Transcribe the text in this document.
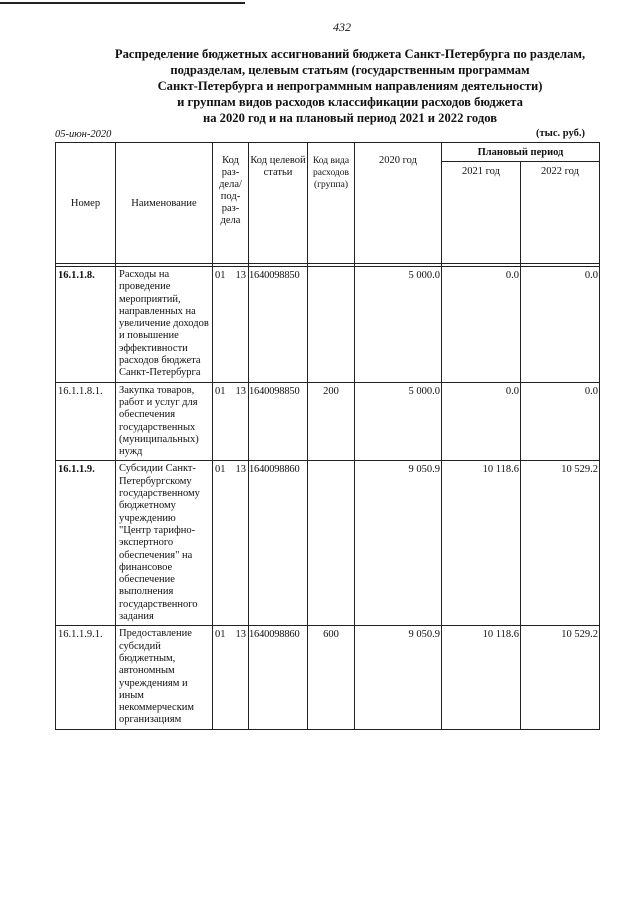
432
Распределение бюджетных ассигнований бюджета Санкт-Петербурга по разделам,
подразделам, целевым статьям (государственным программам
Санкт-Петербурга и непрограммным направлениям деятельности)
и группам видов расходов классификации расходов бюджета
на 2020 год и на плановый период 2021 и 2022 годов
05-июн-2020	(тыс. руб.)
Номер	Наименование	Код раз-дела/ под-раз-дела	Код целевой статьи	Код вида расходов (группа)	2020 год	Плановый период	
						2021 год	2022 год

16.1.1.8.	Расходы на проведение мероприятий, направленных на увеличение доходов и повышение эффективности расходов бюджета Санкт-Петербурга	01 13	1640098850		5 000.0	0.0	0.0
16.1.1.8.1.	Закупка товаров, работ и услуг для обеспечения государственных (муниципальных) нужд	01 13	1640098850	200	5 000.0	0.0	0.0
16.1.1.9.	Субсидии Санкт-Петербургскому государственному бюджетному учреждению "Центр тарифно-экспертного обеспечения" на финансовое обеспечение выполнения государственного задания	01 13	1640098860		9 050.9	10 118.6	10 529.2
16.1.1.9.1.	Предоставление субсидий бюджетным, автономным учреждениям и иным некоммерческим организациям	01 13	1640098860	600	9 050.9	10 118.6	10 529.2
